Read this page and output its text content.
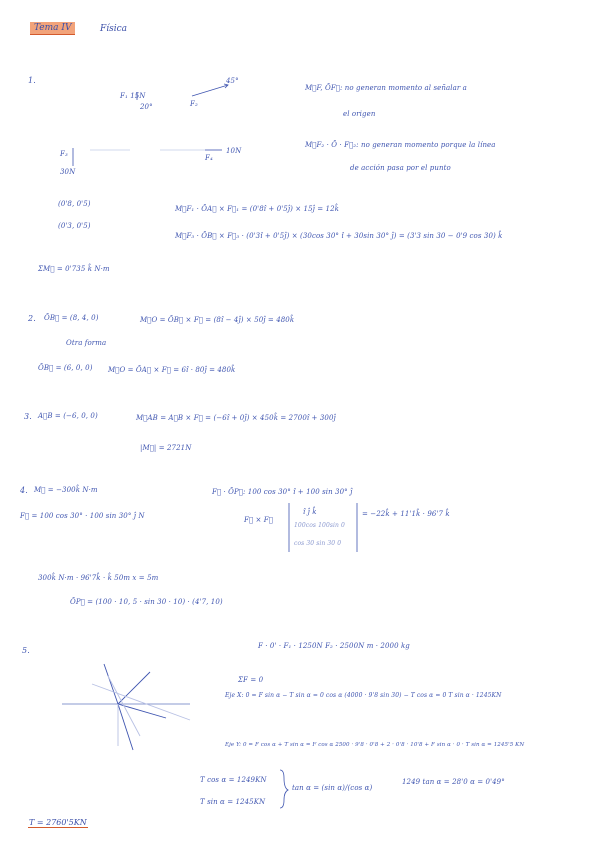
Tema IV	Física
1.
F₁ 15N
20°
45°
F₂
F₃
30N
F₄
10N
M⃗F, ŌF⃗: no generan momento al señalar a
el origen
M⃗F₂ · Ō · F⃗₂: no generan momento porque la línea
de acción pasa por el punto
(0'8, 0'5)
(0'3, 0'5)
M⃗F₁ · ŌA⃗ × F⃗₁ = (0'8î + 0'5ĵ) × 15ĵ = 12k̂
M⃗F₃ · ŌB⃗ × F⃗₃ · (0'3î + 0'5ĵ) × (30cos 30° î + 30sin 30° ĵ) = (3'3 sin 30 − 0'9 cos 30) k̂
ΣM⃗ = 0'735 k̂ N·m
2. ŌB⃗ = (8, 4, 0)	M⃗O = ŌB⃗ × F⃗ = (8î − 4ĵ) × 50ĵ = 480k̂
Otra forma
ŌB⃗ = (6, 0, 0) M⃗O = ŌA⃗ × F⃗ = 6î · 80ĵ = 480k̂
3. A⃗B = (−6, 0, 0)	M⃗AB = A⃗B × F⃗ = (−6î + 0ĵ) × 450k̂ = 2700î + 300ĵ
|M⃗| = 2721N
4. M⃗ = −300k̂ N·m	F⃗ · ŌP⃗: 100 cos 30° î + 100 sin 30° ĵ
F⃗ = 100 cos 30° · 100 sin 30° ĵ N	F⃗ × F⃗
î ĵ k̂
100cos 100sin 0
cos 30 sin 30 0
= −22k̂ + 11'1k̂ · 96'7 k̂
300k̂ N·m · 96'7k̂ · k̂ 50m x = 5m
ŌP⃗ = (100 · 10, 5 · sin 30 · 10) · (4'7, 10)
5.	F · 0' · F₁ · 1250N F₂ · 2500N m · 2000 kg
ΣF = 0
Eje X: 0 = F sin α − T sin α = 0 cos α (4000 · 9'8 sin 30) − T cos α = 0 T sin α · 1245KN
Eje Y: 0 = F cos α + T sin α = F cos α 2500 · 9'8 · 0'8 + 2 · 0'8 · 10'8 + F sin α · 0 · T sin α = 1245'5 KN
T cos α = 1249KN
T sin α = 1245KN
tan α = (sin α)/(cos α)
1249 tan α = 28'0 α = 0'49°
T = 2760'5KN
